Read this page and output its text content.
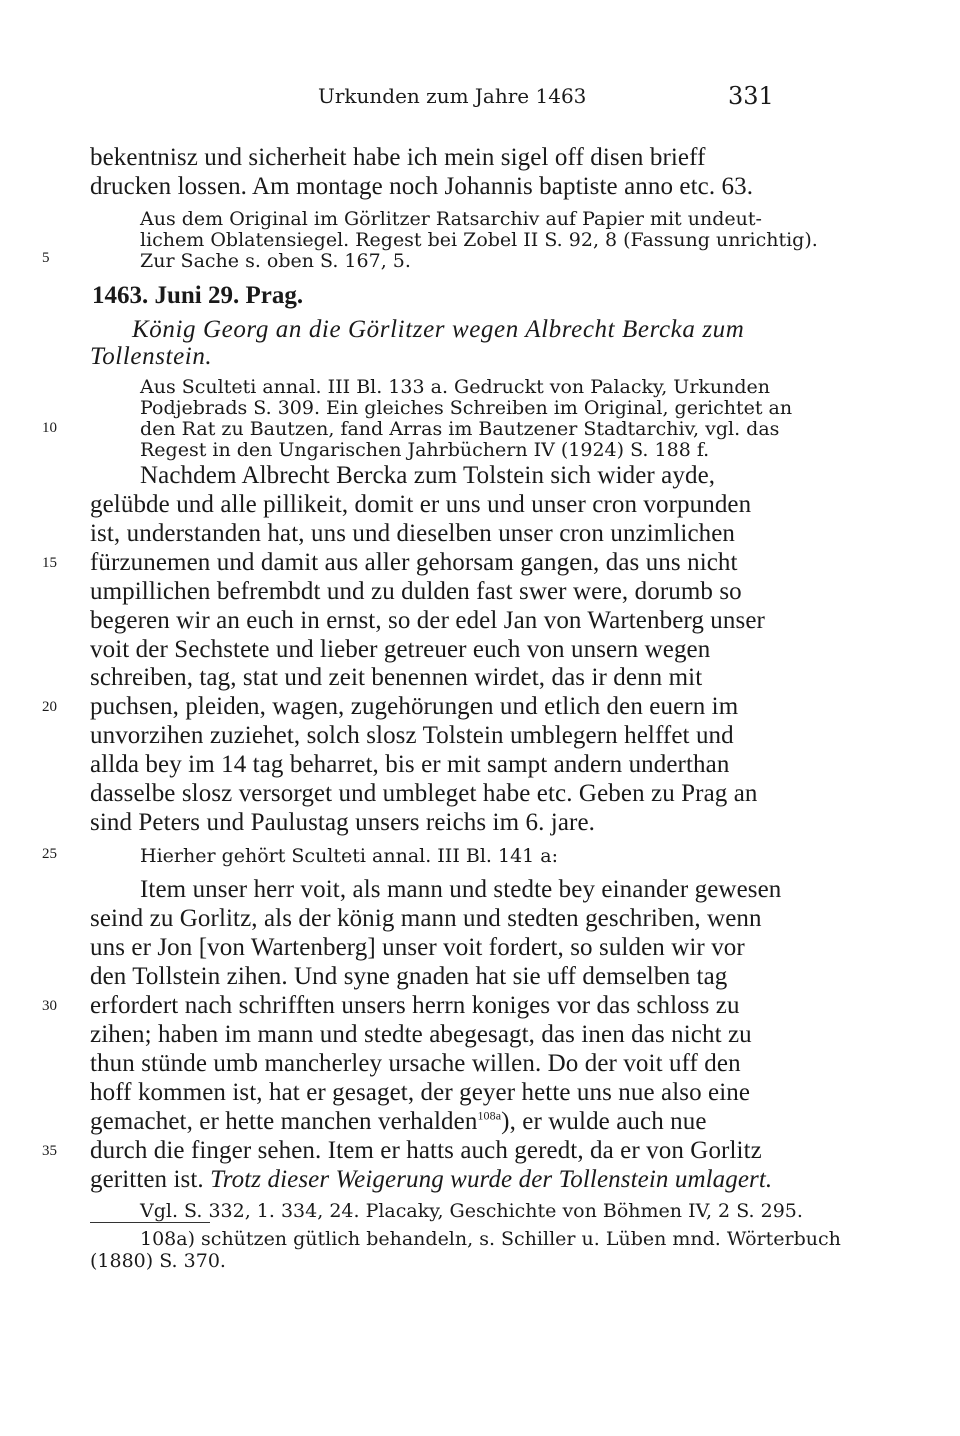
Urkunden zum Jahre 1463	331
bekentnisz und sicherheit habe ich mein sigel off disen brieff
drucken lossen. Am montage noch Johannis baptiste anno etc. 63.
Aus dem Original im Görlitzer Ratsarchiv auf Papier mit undeut-
lichem Oblatensiegel. Regest bei Zobel II S. 92, 8 (Fassung unrichtig).
Zur Sache s. oben S. 167, 5.
1463. Juni 29. Prag.
König Georg an die Görlitzer wegen Albrecht Bercka zum
Tollenstein.
Aus Sculteti annal. III Bl. 133 a. Gedruckt von Palacky, Urkunden
Podjebrads S. 309. Ein gleiches Schreiben im Original, gerichtet an
den Rat zu Bautzen, fand Arras im Bautzener Stadtarchiv, vgl. das
Regest in den Ungarischen Jahrbüchern IV (1924) S. 188 f.
Nachdem Albrecht Bercka zum Tolstein sich wider ayde,
gelübde und alle pillikeit, domit er uns und unser cron vorpunden
ist, understanden hat, uns und dieselben unser cron unzimlichen
fürzunemen und damit aus aller gehorsam gangen, das uns nicht
umpillichen befrembdt und zu dulden fast swer were, dorumb so
begeren wir an euch in ernst, so der edel Jan von Wartenberg unser
voit der Sechstete und lieber getreuer euch von unsern wegen
schreiben, tag, stat und zeit benennen wirdet, das ir denn mit
puchsen, pleiden, wagen, zugehörungen und etlich den euern im
unvorzihen zuziehet, solch slosz Tolstein umblegern helffet und
allda bey im 14 tag beharret, bis er mit sampt andern underthan
dasselbe slosz versorget und umbleget habe etc. Geben zu Prag an
sind Peters und Paulustag unsers reichs im 6. jare.
Hierher gehört Sculteti annal. III Bl. 141 a:
Item unser herr voit, als mann und stedte bey einander gewesen
seind zu Gorlitz, als der könig mann und stedten geschriben, wenn
uns er Jon [von Wartenberg] unser voit fordert, so sulden wir vor
den Tollstein zihen. Und syne gnaden hat sie uff demselben tag
erfordert nach schrifften unsers herrn koniges vor das schloss zu
zihen; haben im mann und stedte abegesagt, das inen das nicht zu
thun stünde umb mancherley ursache willen. Do der voit uff den
hoff kommen ist, hat er gesaget, der geyer hette uns nue also eine
gemachet, er hette manchen verhalden$^{108a}$), er wulde auch nue
durch die finger sehen. Item er hatts auch geredt, da er von Gorlitz
geritten ist. Trotz dieser Weigerung wurde der Tollenstein umlagert.
Vgl. S. 332, 1. 334, 24. Placaky, Geschichte von Böhmen IV, 2 S. 295.
108a) schützen gütlich behandeln, s. Schiller u. Lüben mnd. Wörterbuch
(1880) S. 370.
5
10
15
20
25
30
35
